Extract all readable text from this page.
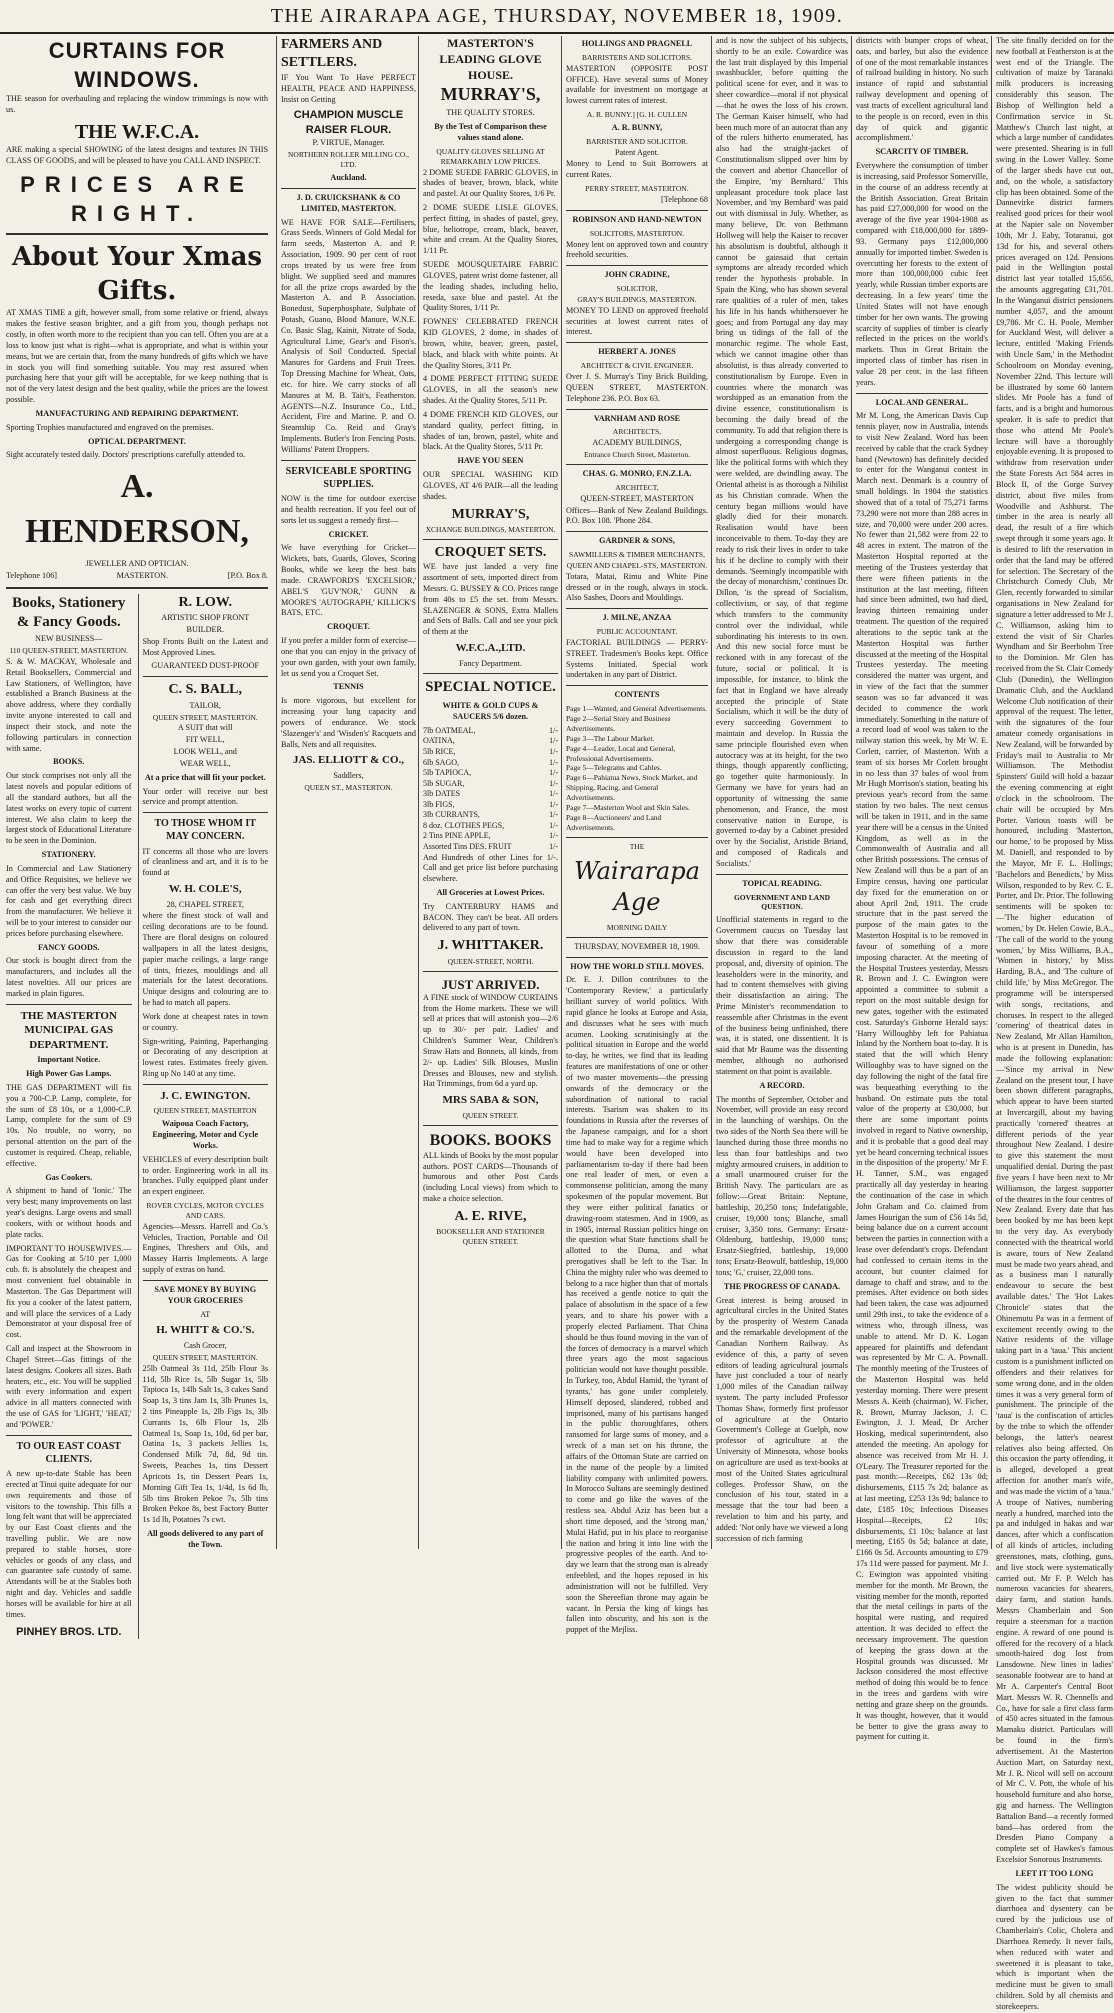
THE AIRARAPA AGE, THURSDAY, NOVEMBER 18, 1909.
CURTAINS FOR WINDOWS.

THE season for overhauling and replacing the window trimmings is now with us.

THE W.F.C.A.

ARE making a special SHOWING of the latest designs and textures IN THIS CLASS OF GOODS, and will be pleased to have you CALL AND INSPECT.

PRICES ARE RIGHT.
About Your Xmas Gifts.

AT XMAS TIME a gift, however small, from some relative or friend, always makes the festive season brighter, and a gift from you, though perhaps not costly, in often worth more to the recipient than you can tell. Often you are at a loss to know just what is right—what is appropriate, and what is within your means, but we are certain that, from the many hundreds of gifts which we have in stock you will find something suitable. You may rest assured when purchasing here that your gift will be acceptable, for we keep nothing that is not of the very latest design and the best quality, while the prices are the lowest possible.

MANUFACTURING AND REPAIRING DEPARTMENT.

Sporting Trophies manufactured and engraved on the premises.

OPTICAL DEPARTMENT.

Sight accurately tested daily. Doctors' prescriptions carefully attended to.

A. HENDERSON,
JEWELLER AND OPTICIAN.
Telephone 106]	MASTERTON.	[P.O. Box 8.
Books, Stationery & Fancy Goods.
NEW BUSINESS—
110 QUEEN-STREET, MASTERTON.

S. & W. MACKAY, Wholesale and Retail Booksellers, Commercial and Law Stationers, of Wellington, have established a Branch Business at the above address, where they cordially invite anyone interested to call and inspect their stock, and note the following particulars in connection with same.

BOOKS.

Our stock comprises not only all the latest novels and popular editions of all the standard authors, but all the latest works on every topic of current interest. We also claim to keep the largest stock of Educational Literature to be seen in the Dominion.

STATIONERY.

In Commercial and Law Stationery and Office Requisites, we believe we can offer the very best value. We buy for cash and get everything direct from the manufacturer. We believe it will be to your interest to consider our prices before purchasing elsewhere.

FANCY GOODS.

Our stock is bought direct from the manufacturers, and includes all the latest novelties. All our prices are marked in plain figures.

THE MASTERTON MUNICIPAL GAS DEPARTMENT.
Important Notice.
High Power Gas Lamps.

THE GAS DEPARTMENT will fix you a 700-C.P. Lamp, complete, for the sum of £8 10s, or a 1,000-C.P. Lamp, complete for the sum of £9 10s. No trouble, no worry, no personal attention on the part of the customer is required. Cheap, reliable, effective.

Gas Cookers.

A shipment to hand of 'Ionic.' The very best; many improvements on last year's designs. Large ovens and small cookers, with or without hoods and plate racks.

IMPORTANT TO HOUSEWIVES.—Gas for Cooking at 5/10 per 1,000 cub. ft. is absolutely the cheapest and most convenient fuel obtainable in Masterton. The Gas Department will fix you a cooker of the latest pattern, and will place the services of a Lady Demonstrator at your disposal free of cost.

Call and inspect at the Showroom in Chapel Street—Gas fittings of the latest designs. Cookers all sizes. Bath heaters, etc., etc. You will be supplied with every information and expert advice in all matters connected with the use of GAS for 'LIGHT,' 'HEAT,' and 'POWER.'

TO OUR EAST COAST CLIENTS.

A new up-to-date Stable has been erected at Tinui quite adequate for our own requirements and those of visitors to the township. This fills a long felt want that will be appreciated by our East Coast clients and the travelling public. We are now prepared to stable horses, store vehicles or goods of any class, and can guarantee safe custody of same. Attendants will be at the Stables both night and day. Vehicles and saddle horses will be available for hire at all times.

PINHEY BROS. LTD.
R. LOW.
ARTISTIC SHOP FRONT
BUILDER.

Shop Fronts Built on the Latest and Most Approved Lines.

GUARANTEED DUST-PROOF
C. S. BALL,
TAILOR,
QUEEN STREET, MASTERTON.
A SUIT that will
FIT WELL,
LOOK WELL, and
WEAR WELL,
At a price that will fit your pocket.

Your order will receive our best service and prompt attention.

TO THOSE WHOM IT MAY CONCERN.

IT concerns all those who are lovers of cleanliness and art, and it is to be found at

W. H. COLE'S,
28, CHAPEL STREET,

where the finest stock of wall and ceiling decorations are to be found. There are floral designs on coloured wallpapers in all the latest designs, papier mache ceilings, a large range of tints, friezes, mouldings and all materials for the latest decorations. Unique designs and colouring are to be had to match all papers.

Work done at cheapest rates in town or country.

Sign-writing, Painting, Paperhanging or Decorating of any description at lowest rates. Estimates freely given. Ring up No 140 at any time.

J. C. EWINGTON.
QUEEN STREET, MASTERTON
Waipoua Coach Factory, Engineering, Motor and Cycle Works.

VEHICLES of every description built to order. Engineering work in all its branches. Fully equipped plant under an expert engineer.

ROVER CYCLES, MOTOR CYCLES AND CARS.

Agencies—Messrs. Harrell and Co.'s Vehicles, Traction, Portable and Oil Engines, Threshers and Oils, and Massey Harris Implements. A large supply of extras on hand.

SAVE MONEY BY BUYING YOUR GROCERIES
AT
H. WHITT & CO.'S.
Cash Grocer,
QUEEN STREET, MASTERTON.

25lb Oatmeal 3s 11d, 25lb Flour 3s 11d, 5lb Rice 1s, 5lb Sugar 1s, 5lb Tapioca 1s, 14lb Salt 1s, 3 cakes Sand Soap 1s, 3 tins Jam 1s, 3lb Prunes 1s, 2 tins Pineapple 1s, 2lb Figs 1s, 3lb Currants 1s, 6lb Flour 1s, 2lb Oatmeal 1s, Soap 1s, 10d, 6d per bar, Oatina 1s, 3 packets Jellies 1s, Condensed Milk 7d, 8d, 9d tin. Sweets, Peaches 1s, tins Dessert Apricots 1s, tin Dessert Pears 1s, Morning Gift Tea 1s, 1/4d, 1s 6d lb, 5lb tins Broken Pekoe 7s, 5lb tins Broken Pekoe 8s, best Factory Butter 1s 1d lb, Potatoes 7s cwt.

All goods delivered to any part of the Town.
FARMERS AND SETTLERS.

IF You Want To Have PERFECT HEALTH, PEACE AND HAPPINESS, Insist on Getting

CHAMPION MUSCLE RAISER FLOUR.
P. VIRTUE, Manager.
NORTHERN ROLLER MILLING CO., LTD.
Auckland.
J. D. CRUICKSHANK & CO LIMITED, MASTERTON.

WE HAVE FOR SALE—Fertilisers, Grass Seeds. Winners of Gold Medal for farm seeds, Masterton A. and P. Association, 1909. 90 per cent of root crops treated by us were free from blight. We supplied seed and manures for all the prize crops awarded by the Masterton A. and P. Association. Bonedust, Superphosphate, Sulphate of Potash, Guano, Blood Manure, W.N.E. Co. Basic Slag, Kainit, Nitrate of Soda, Agricultural Lime, Gear's and Fison's. Analysis of Soil Conducted. Special Manures for Gardens and Fruit Trees. Top Dressing Machine for Wheat, Oats, etc. for hire. We carry stocks of all Manures at M. B. Tait's, Featherston. AGENTS—N.Z. Insurance Co., Ltd., Accident, Fire and Marine. P. and O. Steamship Co. Reid and Gray's Implements. Butler's Iron Fencing Posts. Williams' Patent Droppers.

SERVICEABLE SPORTING SUPPLIES.

NOW is the time for outdoor exercise and health recreation. If you feel out of sorts let us suggest a remedy first—

CRICKET.

We have everything for Cricket—Wickets, bats, Guards, Gloves, Scoring Books, while we keep the best bats made. CRAWFORD'S 'EXCELSIOR,' ABEL'S 'GUV'NOR,' GUNN & MOORE'S 'AUTOGRAPH,' KILLICK'S BATS, ETC.

CROQUET.

If you prefer a milder form of exercise—one that you can enjoy in the privacy of your own garden, with your own family, let us send you a Croquet Set.

TENNIS

Is more vigorous, but excellent for increasing your lung capacity and powers of endurance. We stock 'Slazenger's' and 'Wisden's' Racquets and Balls, Nets and all requisites.

JAS. ELLIOTT & CO.,
Saddlers,
QUEEN ST., MASTERTON.
MASTERTON'S LEADING GLOVE HOUSE.
MURRAY'S,
THE QUALITY STORES.
By the Test of Comparison these values stand alone.
QUALITY GLOVES SELLING AT REMARKABLY LOW PRICES.

2 DOME SUEDE FABRIC GLOVES, in shades of beaver, brown, black, white and pastel. At our Quality Stores, 1/6 Pr.

2 DOME SUEDE LISLE GLOVES, perfect fitting, in shades of pastel, grey, blue, heliotrope, cream, black, beaver, white and cream. At the Quality Stores, 1/11 Pr.

SUEDE MOUSQUETAIRE FABRIC GLOVES, patent wrist dome fastener, all the leading shades, including helio, reseda, saxe blue and pastel. At the Quality Stores, 1/11 Pr.

FOWNES' CELEBRATED FRENCH KID GLOVES, 2 dome, in shades of brown, white, beaver, green, pastel, black, and black with white points. At the Quality Stores, 3/11 Pr.

4 DOME PERFECT FITTING SUEDE GLOVES, in all the season's new shades. At the Quality Stores, 5/11 Pr.

4 DOME FRENCH KID GLOVES, our standard quality, perfect fitting, in shades of tan, brown, pastel, white and black. At the Quality Stores, 5/11 Pr.

HAVE YOU SEEN

OUR SPECIAL WASHING KID GLOVES, AT 4/6 PAIR—all the leading shades.

MURRAY'S,
XCHANGE BUILDINGS, MASTERTON.
CROQUET SETS.

WE have just landed a very fine assortment of sets, imported direct from Messrs. G. BUSSEY & CO. Prices range from 40s to £5 the set. from Messrs. SLAZENGER & SONS, Extra Mallets and Sets of Balls. Call and see your pick of them at the

W.F.C.A.,LTD.
Fancy Department.
SPECIAL NOTICE.
WHITE & GOLD CUPS & SAUCERS 5/6 dozen.
7lb OATMEAL,	1/-
OATINA,	1/-
5lb RICE,	1/-
6lb SAGO,	1/-
5lb TAPIOCA,	1/-
5lb SUGAR,	1/-
3lb DATES	1/-
3lb FIGS,	1/-
3lb CURRANTS,	1/-
8 doz. CLOTHES PEGS,	1/-
2 Tins PINE APPLE,	1/-
Assorted Tins DES. FRUIT	1/-

And Hundreds of other Lines for 1/-. Call and get price list before purchasing elsewhere.

All Groceries at Lowest Prices.

Try CANTERBURY HAMS and BACON. They can't be beat. All orders delivered to any part of town.

J. WHITTAKER.
QUEEN-STREET, NORTH.
JUST ARRIVED.

A FINE stock of WINDOW CURTAINS from the Home markets. These we will sell at prices that will astonish you—2/6 up to 30/- per pair. Ladies' and Children's Summer Wear, Children's Straw Hats and Bonnets, all kinds, from 2/- up. Ladies' Silk Blouses, Muslin Dresses and Blouses, new and stylish. Hat Trimmings, from 6d a yard up.

MRS SABA & SON,
QUEEN STREET.
BOOKS. BOOKS

ALL kinds of Books by the most popular authors. POST CARDS—Thousands of humorous and other Post Cards (including Local views) from which to make a choice selection.

A. E. RIVE,
BOOKSELLER AND STATIONER QUEEN STREET.
HOLLINGS AND PRAGNELL
BARRISTERS AND SOLICITORS.

MASTERTON (OPPOSITE POST OFFICE). Have several sums of Money available for investment on mortgage at lowest current rates of interest.

A. R. BUNNY.] [G. H. CULLEN
A. R. BUNNY,
BARRISTER AND SOLICITOR.
Patent Agent.

Money to Lend to Suit Borrowers at current Rates.

PERRY STREET, MASTERTON.
[Telephone 68
ROBINSON AND HAND-NEWTON
SOLICITORS, MASTERTON.

Money lent on approved town and country freehold securities.

JOHN CRADINE,
SOLICITOR,
GRAY'S BUILDINGS, MASTERTON.

MONEY TO LEND on approved freehold securities at lowest current rates of interest.

HERBERT A. JONES
ARCHITECT & CIVIL ENGINEER.

Over J. S. Murray's Tiny Brick Building, QUEEN STREET, MASTERTON. Telephone 236. P.O. Box 63.

VARNHAM AND ROSE
ARCHITECTS,
ACADEMY BUILDINGS,
Entrance Church Street, Masterton.
CHAS. G. MONRO, F.N.Z.I.A.
ARCHITECT,
QUEEN-STREET, MASTERTON

Offices—Bank of New Zealand Buildings. P.O. Box 108. 'Phone 284.

GARDNER & SONS,
SAWMILLERS & TIMBER MERCHANTS,
QUEEN AND CHAPEL-STS, MASTERTON.

Totara, Matai, Rimu and White Pine dressed or in the rough, always in stock. Also Sashes, Doors and Mouldings.

J. MILNE, ANZAA
PUBLIC ACCOUNTANT.

FACTORIAL BUILDINGS — PERRY-STREET. Tradesmen's Books kept. Office Systems Initiated. Special work undertaken in any part of District.

CONTENTS
Page 1—Wanted, and General Advertisements.
Page 2—Serial Story and Business Advertisements.
Page 3—The Labour Market.
Page 4—Leader, Local and General, Professional Advertisements.
Page 5—Telegrams and Cables.
Page 6—Pahiatua News, Stock Market, and Shipping, Racing, and General Advertisements.
Page 7—Masterton Wool and Skin Sales.
Page 8—Auctioneers' and Land Advertisements.
THE
Wairarapa Age
MORNING DAILY
THURSDAY, NOVEMBER 18, 1909.
HOW THE WORLD STILL MOVES.

Dr. E. J. Dillon contributes to the 'Contemporary Review,' a particularly brilliant survey of world politics. With rapid glance he looks at Europe and Asia, and discusses what he sees with much acumen. Looking scrutinisingly at the political situation in Europe and the world to-day, he writes, we find that its leading features are manifestations of one or other of two master movements—the pressing onwards of the democracy or the subordination of national to racial interests. Tsarism was shaken to its foundations in Russia after the reverses of the Japanese campaign, and for a short time had to make way for a regime which would have been developed into parliamentarism to-day if there had been one real leader of men, or even a commonsense politician, among the many spokesmen of the popular movement. But they were either political fanatics or drawing-room statesmen. And in 1909, as in 1905, internal Russian politics hinge on the question what State functions shall be allotted to the Duma, and what prerogatives shall be left to the Tsar. In China the mighty ruler who was deemed to belong to a race higher than that of mortals has received a gentle notice to quit the palace of absolutism in the space of a few years, and to share his power with a properly elected Parliament. That China should be thus found moving in the van of the forces of democracy is a marvel which three years ago the most sagacious politician would not have thought possible. In Turkey, too, Abdul Hamid, the 'tyrant of tyrants,' has gone under completely. Himself deposed, slandered, robbed and imprisoned, many of his partisans hanged in the public thoroughfares, others ransomed for large sums of money, and a wreck of a man set on his throne, the affairs of the Ottoman State are carried on in the name of the people by a limited liability company with unlimited powers. In Morocco Sultans are seemingly destined to come and go like the waves of the restless sea. Abdul Aziz has been but a short time deposed, and the 'strong man,' Mulai Hafid, put in his place to reorganise the nation and bring it into line with the progressive peoples of the earth. And to-day we learn that the strong man is already enfeebled, and the hopes reposed in his administration will not be fulfilled. Very soon the Shereefian throne may again be vacant. In Persia the king of kings has fallen into obscurity, and his son is the puppet of the Mejliss.

and is now the subject of his subjects, shortly to be an exile. Cowardice was the last trait displayed by this Imperial swashbuckler, before quitting the political scene for ever, and it was to sheer cowardice—moral if not physical—that he owes the loss of his crown. The German Kaiser himself, who had been much more of an autocrat than any of the rulers hitherto enumerated, has also had the straight-jacket of Constitutionalism slipped over him by the convert and abettor Chancellor of the Empire, 'my Bernhard.' This unpleasant procedure took place last November, and 'my Bernhard' was paid out with dismissal in July. Whether, as many believe, Dr. von Bethmann Hollweg will help the Kaiser to recover his absolutism is doubtful, although it cannot be gainsaid that certain symptoms are already recorded which render the hypothesis probable. In Spain the King, who has shown several rare qualities of a ruler of men, takes his life in his hands whithersoever he goes; and from Portugal any day may bring us tidings of the fall of the monarchic regime. The whole East, which we cannot imagine other than absolutist, is thus already converted to constitutionalism by Europe. Even in countries where the monarch was worshipped as an emanation from the divine essence, constitutionalism is becoming the daily bread of the community. To add that religion there is undergoing a corresponding change is almost superfluous. Religious dogmas, like the political forms with which they were welded, are dwindling away. The Oriental atheist is as thorough a Nihilist as his Christian comrade. When the century began millions would have gladly died for their monarch. Realisation would have been inconceivable to them. To-day they are ready to risk their lives in order to take his if he decline to comply with their demands. 'Seemingly incompatible with the decay of monarchism,' continues Dr. Dillon, 'is the spread of Socialism, collectivism, or say, of that regime which transfers to the community control over the individual, while subordinating his interests to its own. And this new social force must be reckoned with in any forecast of the future, social or political. It is impossible, for instance, to blink the fact that in England we have already accepted the principle of State Socialism, which it will be the duty of every succeeding Government to maintain and develop. In Russia the same principle flourished even when autocracy was at its height, for the two things, though apparently conflicting, go together quite harmoniously. In Germany we have for years had an opportunity of witnessing the same phenomenon, and France, the most conservative nation in Europe, is governed to-day by a Cabinet presided over by the Socialist, Aristide Briand, and composed of Radicals and Socialists.'

TOPICAL READING.
GOVERNMENT AND LAND QUESTION.

Unofficial statements in regard to the Government caucus on Tuesday last show that there was considerable discussion in regard to the land proposal, and, diversity of opinion. The leaseholders were in the minority, and had to content themselves with giving their dissatisfaction an airing. The Prime Minister's recommendation to reassemble after Christmas in the event of the business being unfinished, there was, it is stated, one dissentient. It is said that Mr Baume was the dissenting member, although no authorised statement on that point is available.

A RECORD.

The months of September, October and November, will provide an easy record in the launching of warships. On the two sides of the North Sea there will be launched during those three months no less than four battleships and two mighty armoured cruisers, in addition to a small unarmoured cruiser for the British Navy. The particulars are as follow:—Great Britain: Neptune, battleship, 20,250 tons; Indefatigable, cruiser, 19,000 tons; Blanche, small cruiser, 3,350 tons. Germany: Ersatz-Oldenburg, battleship, 19,000 tons; Ersatz-Siegfried, battleship, 19,000 tons; Ersatz-Beowulf, battleship, 19,000 tons; 'G,' cruiser, 22,000 tons.

THE PROGRESS OF CANADA.

Great interest is being aroused in agricultural circles in the United States by the prosperity of Western Canada and the remarkable development of the Canadian Northern Railway. As evidence of this, a party of seven editors of leading agricultural journals have just concluded a tour of nearly 1,000 miles of the Canadian railway system. The party included Professor Thomas Shaw, formerly first professor of agriculture at the Ontario Government's College at Guelph, now professor of agriculture at the University of Minnesota, whose books on agriculture are used as text-books at most of the United States agricultural colleges. Professor Shaw, on the conclusion of his tour, stated in a message that the tour had been a revelation to him and his party, and added: 'Not only have we viewed a long succession of rich farming

districts with bumper crops of wheat, oats, and barley, but also the evidence of one of the most remarkable instances of railroad building in history. No such instance of rapid and substantial railway development and opening of vast tracts of excellent agricultural land to the people is on record, even in this day of quick and gigantic accomplishment.'

SCARCITY OF TIMBER.

Everywhere the consumption of timber is increasing, said Professor Somerville, in the course of an address recently at the British Association. Great Britain has paid £27,000,000 for wood on the average of the five year 1904-1908 as compared with £18,000,000 for 1889-93. Germany pays £12,000,000 annually for imported timber. Sweden is overcutting her forests to the extent of more than 100,000,000 cubic feet yearly, while Russian timber exports are decreasing. In a few years' time the United States will not have enough timber for her own wants. The growing scarcity of supplies of timber is clearly reflected in the prices on the world's markets. Thus in Great Britain the imported class of timber has risen in value 28 per cent. in the last fifteen years.

LOCAL AND GENERAL.

Mr M. Long, the American Davis Cup tennis player, now in Australia, intends to visit New Zealand. Word has been received by cable that the crack Sydney band (Newtown) has definitely decided to enter for the Wanganui contest in March next. Denmark is a country of small holdings. In 1904 the statistics showed that of a total of 75,271 farms 73,290 were not more than 288 acres in size, and 70,000 were under 200 acres. No fewer than 21,582 were from 22 to 48 acres in extent. The matron of the Masterton Hospital reported at the meeting of the Trustees yesterday that there were fifteen patients in the institution at the last meeting, fifteen had since been admitted, two had died, leaving thirteen remaining under treatment. The question of the required alterations to the septic tank at the Masterton Hospital was further discussed at the meeting of the Hospital Trustees yesterday. The meeting considered the matter was urgent, and in view of the fact that the summer season was so far advanced it was decided to commence the work immediately. Something in the nature of a record load of wool was taken to the railway station this week, by Mr W. E. Corlett, carrier, of Masterton. With a team of six horses Mr Corlett brought in no less than 37 bales of wool from Mr Hugh Morrison's station, beating his previous year's record from the same station by two bales. The next census will be taken in 1911, and in the same year there will be a census in the United Kingdom, as well as in the Commonwealth of Australia and all other British possessions. The census of New Zealand will thus be a part of an Empire census, having one particular day fixed for the enumeration on or about April 2nd, 1911. The crude structure that in the past served the purpose of the main gates to the Masterton Hospital is to be removed in favour of something of a more imposing character. At the meeting of the Hospital Trustees yesterday, Messrs R. Brown and J. C. Ewington were appointed a committee to submit a report on the most suitable design for new gates, together with the estimated cost. Saturday's Gisborne Herald says: 'Harry Willoughby left for Pahiatua Inland by the Northern boat to-day. It is stated that the will which Henry Willoughby was to have signed on the day following the night of the fatal fire was bequeathing everything to the husband. On estimate puts the total value of the property at £30,000, but there are some important points involved in regard to Native ownership, and it is probable that a good deal may yet be heard concerning technical issues in the disposition of the property.' Mr F. H. Tanner, S.M., was engaged practically all day yesterday in hearing the continuation of the case in which John Graham and Co. claimed from James Hourigan the sum of £56 14s 5d, being balance due on a current account between the parties in connection with a lease over defendant's crops. Defendant had confessed to certain items in the account, but counter claimed for damage to chaff and straw, and to the premises. After evidence on both sides had been taken, the case was adjourned until 29th inst., to take the evidence of a witness who, through illness, was unable to attend. Mr D. K. Logan appeared for plaintiffs and defendant was represented by Mr C. A. Pownall. The monthly meeting of the Trustees of the Masterton Hospital was held yesterday morning. There were present Messrs A. Keith (chairman), W. Ficher, R. Brown, Murray Jackson, J. C. Ewington, J. J. Mead, Dr Archer Hosking, medical superintendent, also attended the meeting. An apology for absence was received from Mr H. J. O'Leary. The Treasurer reported for the past month:—Receipts, £62 13s 0d; disbursements, £115 7s 2d; balance as at last meeting, £253 13s 9d; balance to date, £185 10s; Infectious Diseases Hospital—Receipts, £2 10s; disbursements, £1 10s; balance at last meeting, £165 0s 5d; balance at date, £166 0s 5d. Accounts amounting to £79 17s 11d were passed for payment. Mr J. C. Ewington was appointed visiting member for the month. Mr Brown, the visiting member for the month, reported that the metal ceilings in parts of the hospital were rusting, and required attention. It was decided to effect the necessary improvement. The question of keeping the grass down at the Hospital grounds was discussed. Mr Jackson considered the most effective method of doing this would be to fence in the trees and gardens with wire netting and graze sheep on the grounds. It was thought, however, that it would be better to give the grass away to payment for cutting it.

The site finally decided on for the new football at Featherston is at the west end of the Triangle. The cultivation of maize by Taranaki milk producers is increasing considerably this season. The Bishop of Wellington held a Confirmation service in St. Matthew's Church last night, at which a large number of candidates were presented. Shearing is in full swing in the Lower Valley. Some of the larger sheds have cut out, and, on the whole, a satisfactory clip has been obtained. Some of the Dannevirke district farmers realised good prices for their wool at the Napier sale on November 10th, Mr J. Eaby, Totaranui, got 13d for his, and several others prices averaged on 12d. Pensions paid in the Wellington postal district last year totalled 15,656, the amounts aggregating £31,701. In the Wanganui district pensioners number 4,057, and the amount £9,786. Mr C. H. Poole, Member for Auckland West, will deliver a lecture, entitled 'Making Friends with Uncle Sam,' in the Methodist Schoolroom on Monday evening, November 22nd. This lecture will be illustrated by some 60 lantern slides. Mr Poole has a fund of facts, and is a bright and humorous speaker. It is safe to predict that those who attend Mr Poole's lecture will have a thoroughly enjoyable evening. It is proposed to withdraw from reservation under the State Forests Act 584 acres in Block II, of the Gorge Survey district, about five miles from Woodville and Ashhurst. The timber in the area is nearly all dead, the result of a fire which swept through it some years ago. It is desired to lift the reservation in order that the land may be offered for selection. The Secretary of the Christchurch Comedy Club, Mr Glen, recently forwarded to similar organisations in New Zealand for signature a letter addressed to Mr J. C. Williamson, asking him to extend the visit of Sir Charles Wyndham and Sir Beerbohm Tree to the Dominion. Mr Glen has received from the St. Clair Comedy Club (Dunedin), the Wellington Dramatic Club, and the Auckland Welcome Club notification of their approval of the request. The letter, with the signatures of the four amateur comedy organisations in New Zealand, will be forwarded by Friday's mail to Australia to Mr Williamson. The Methodist Spinsters' Guild will hold a bazaar the evening commencing at eight o'clock in the schoolroom. The chair will be occupied by Mrs Porter. Various toasts will be honoured, including 'Masterton, our home,' to be proposed by Miss M. Daniell, and responded to by the Mayor, Mr F. L. Hollings; 'Bachelors and Benedicts,' by Miss Wilson, responded to by Rev. C. E. Porter, and Dr. Prior. The following sentiments will be spoken to:—'The higher education of women,' by Dr. Helen Cowie, B.A., 'The call of the world to the young women,' by Miss Williams, B.A., 'Women in history,' by Miss Harding, B.A., and 'The culture of child life,' by Miss McGregor. The programme will be interspersed with songs, recitations, and choruses. In respect to the alleged 'cornering' of theatrical dates in New Zealand, Mr Allan Hamilton, who is at present in Dunedin, has made the following explanation:—'Since my arrival in New Zealand on the present tour, I have been shown different paragraphs, which appear to have been started at Invercargill, about my having practically 'cornered' theatres at different periods of the year throughout New Zealand. I desire to give this statement the most unqualified denial. During the past five years I have been next to Mr Williamson, the largest supporter of the theatres in the four centres of New Zealand. Every date that has been booked by me has been kept to the very day. As everybody connected with the theatrical world is aware, tours of New Zealand must be made two years ahead, and as a business man I naturally endeavour to secure the best available dates.' The 'Hot Lakes Chronicle' states that the Ohinemutu Pa was in a ferment of excitement recently owing to the Native residents of the village taking part in a 'taua.' This ancient custom is a punishment inflicted on offenders and their relatives for some wrong done, and in the olden times it was a very general form of punishment. The principle of the 'taua' is the confiscation of articles by the tribe to which the offender belongs, the latter's nearest relatives also being affected. On this occasion the party offending, it is alleged, developed a great affection for another man's wife, and was made the victim of a 'taua.' A troupe of Natives, numbering nearly a hundred, marched into the pa and indulged in hakas and war dances, after which a confiscation of all kinds of articles, including greenstones, mats, clothing, guns, and live stock were systematically carried out. Mr F. P. Welch has numerous vacancies for shearers, dairy farm, and station hands. Messrs Chamberlain and Son require a steersman for a traction engine. A reward of one pound is offered for the recovery of a black smooth-haired dog lost from Lansdowne. New lines in ladies' seasonable footwear are to hand at Mr A. Carpenter's Central Boot Mart. Messrs W. R. Chennells and Co., have for sale a first class farm of 450 acres situated in the famous Mamaku district. Particulars will be found in the firm's advertisement. At the Masterton Auction Mart, on Saturday next, Mr J. R. Nicol will sell on account of Mr C. V. Pott, the whole of his household furniture and also horse, gig and harness. The Wellington Battalion Band—a recently formed band—has ordered from the Dresden Piano Company a complete set of Hawkes's famous Excelsior Sonorous Instruments.

LEFT IT TOO LONG

The widest publicity should be given to the fact that summer diarrhoea and dysentery can be cured by the judicious use of Chamberlain's Colic, Cholera and Diarrhoea Remedy. It never fails, when reduced with water and sweetened it is pleasant to take, which is important when the medicine must be given to small children. Sold by all chemists and storekeepers.
